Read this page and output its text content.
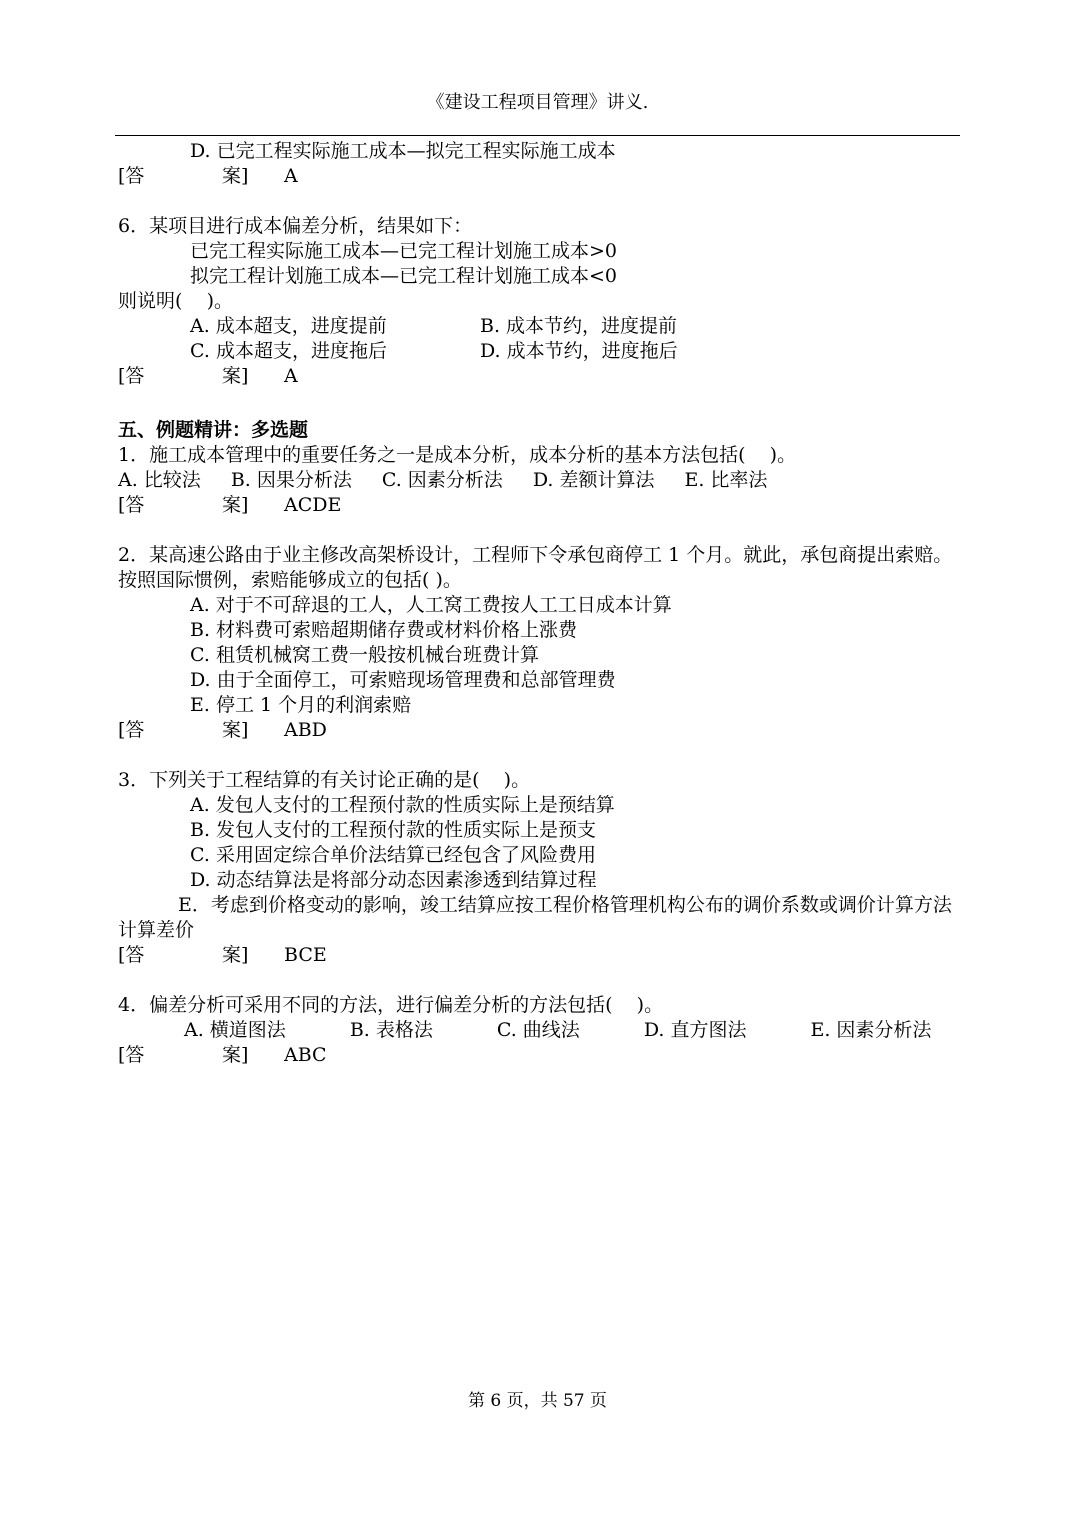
《建设工程项目管理》讲义.
D. 已完工程实际施工成本—拟完工程实际施工成本
[答	案] A
6．某项目进行成本偏差分析，结果如下：
已完工程实际施工成本—已完工程计划施工成本>0
拟完工程计划施工成本—已完工程计划施工成本<0
则说明(    )。
A. 成本超支，进度提前	B. 成本节约，进度提前
C. 成本超支，进度拖后	D. 成本节约，进度拖后
[答	案] A
五、例题精讲：多选题
1．施工成本管理中的重要任务之一是成本分析，成本分析的基本方法包括(    )。
A. 比较法 B. 因果分析法 C. 因素分析法 D. 差额计算法 E. 比率法
[答	案] ACDE
2．某高速公路由于业主修改高架桥设计，工程师下令承包商停工 1 个月。就此，承包商提出索赔。按照国际惯例，索赔能够成立的包括( )。
A. 对于不可辞退的工人，人工窝工费按人工工日成本计算
B. 材料费可索赔超期储存费或材料价格上涨费
C. 租赁机械窝工费一般按机械台班费计算
D. 由于全面停工，可索赔现场管理费和总部管理费
E. 停工 1 个月的利润索赔
[答	案] ABD
3．下列关于工程结算的有关讨论正确的是(    )。
A. 发包人支付的工程预付款的性质实际上是预结算
B. 发包人支付的工程预付款的性质实际上是预支
C. 采用固定综合单价法结算已经包含了风险费用
D. 动态结算法是将部分动态因素渗透到结算过程
E．考虑到价格变动的影响，竣工结算应按工程价格管理机构公布的调价系数或调价计算方法计算差价
[答	案] BCE
4．偏差分析可采用不同的方法，进行偏差分析的方法包括(    )。
A. 横道图法	B. 表格法	C. 曲线法	D. 直方图法	E. 因素分析法
[答	案] ABC
第 6 页，共 57 页
